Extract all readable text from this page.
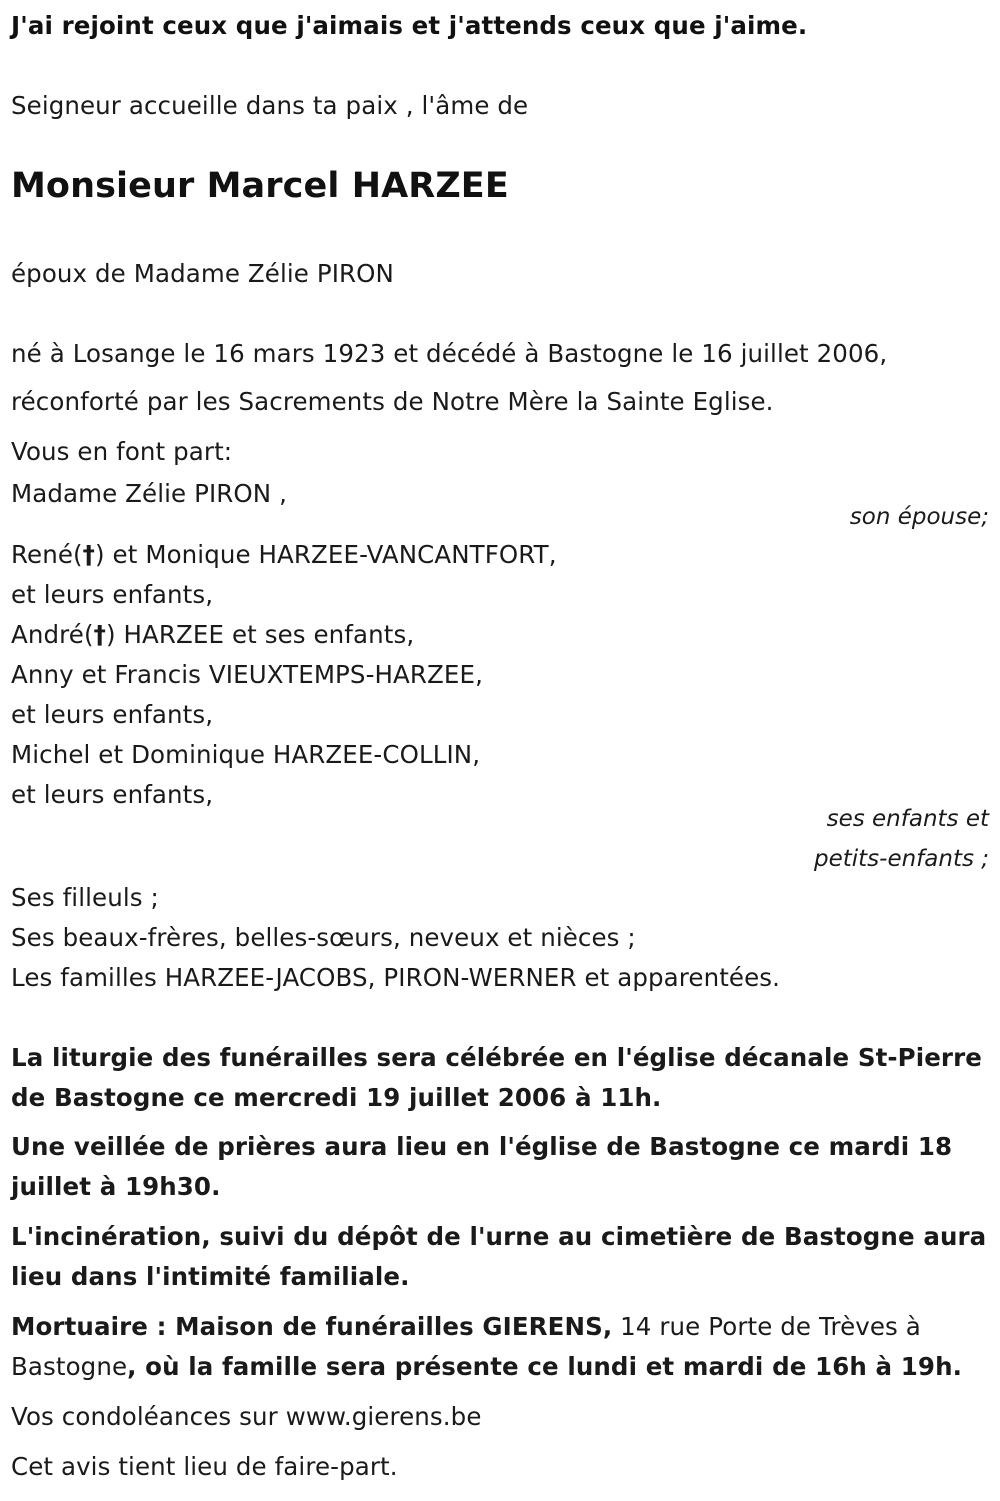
J'ai rejoint ceux que j'aimais et j'attends ceux que j'aime.
Seigneur accueille dans ta paix , l'âme de
Monsieur Marcel HARZEE
époux de Madame Zélie PIRON
né à Losange le 16 mars 1923 et décédé à Bastogne le 16 juillet 2006,
réconforté par les Sacrements de Notre Mère la Sainte Eglise.
Vous en font part:
Madame Zélie PIRON ,
son épouse;
René(†) et Monique HARZEE-VANCANTFORT,
et leurs enfants,
André(†) HARZEE et ses enfants,
Anny et Francis VIEUXTEMPS-HARZEE,
et leurs enfants,
Michel et Dominique HARZEE-COLLIN,
et leurs enfants,
ses enfants et
petits-enfants ;
Ses filleuls ;
Ses beaux-frères, belles-sœurs, neveux et nièces ;
Les familles HARZEE-JACOBS, PIRON-WERNER et apparentées.
La liturgie des funérailles sera célébrée en l'église décanale St-Pierre
de Bastogne ce mercredi 19 juillet 2006 à 11h.
Une veillée de prières aura lieu en l'église de Bastogne ce mardi 18
juillet à 19h30.
L'incinération, suivi du dépôt de l'urne au cimetière de Bastogne aura
lieu dans l'intimité familiale.
Mortuaire : Maison de funérailles GIERENS, 14 rue Porte de Trèves à
Bastogne, où la famille sera présente ce lundi et mardi de 16h à 19h.
Vos condoléances sur www.gierens.be
Cet avis tient lieu de faire-part.
